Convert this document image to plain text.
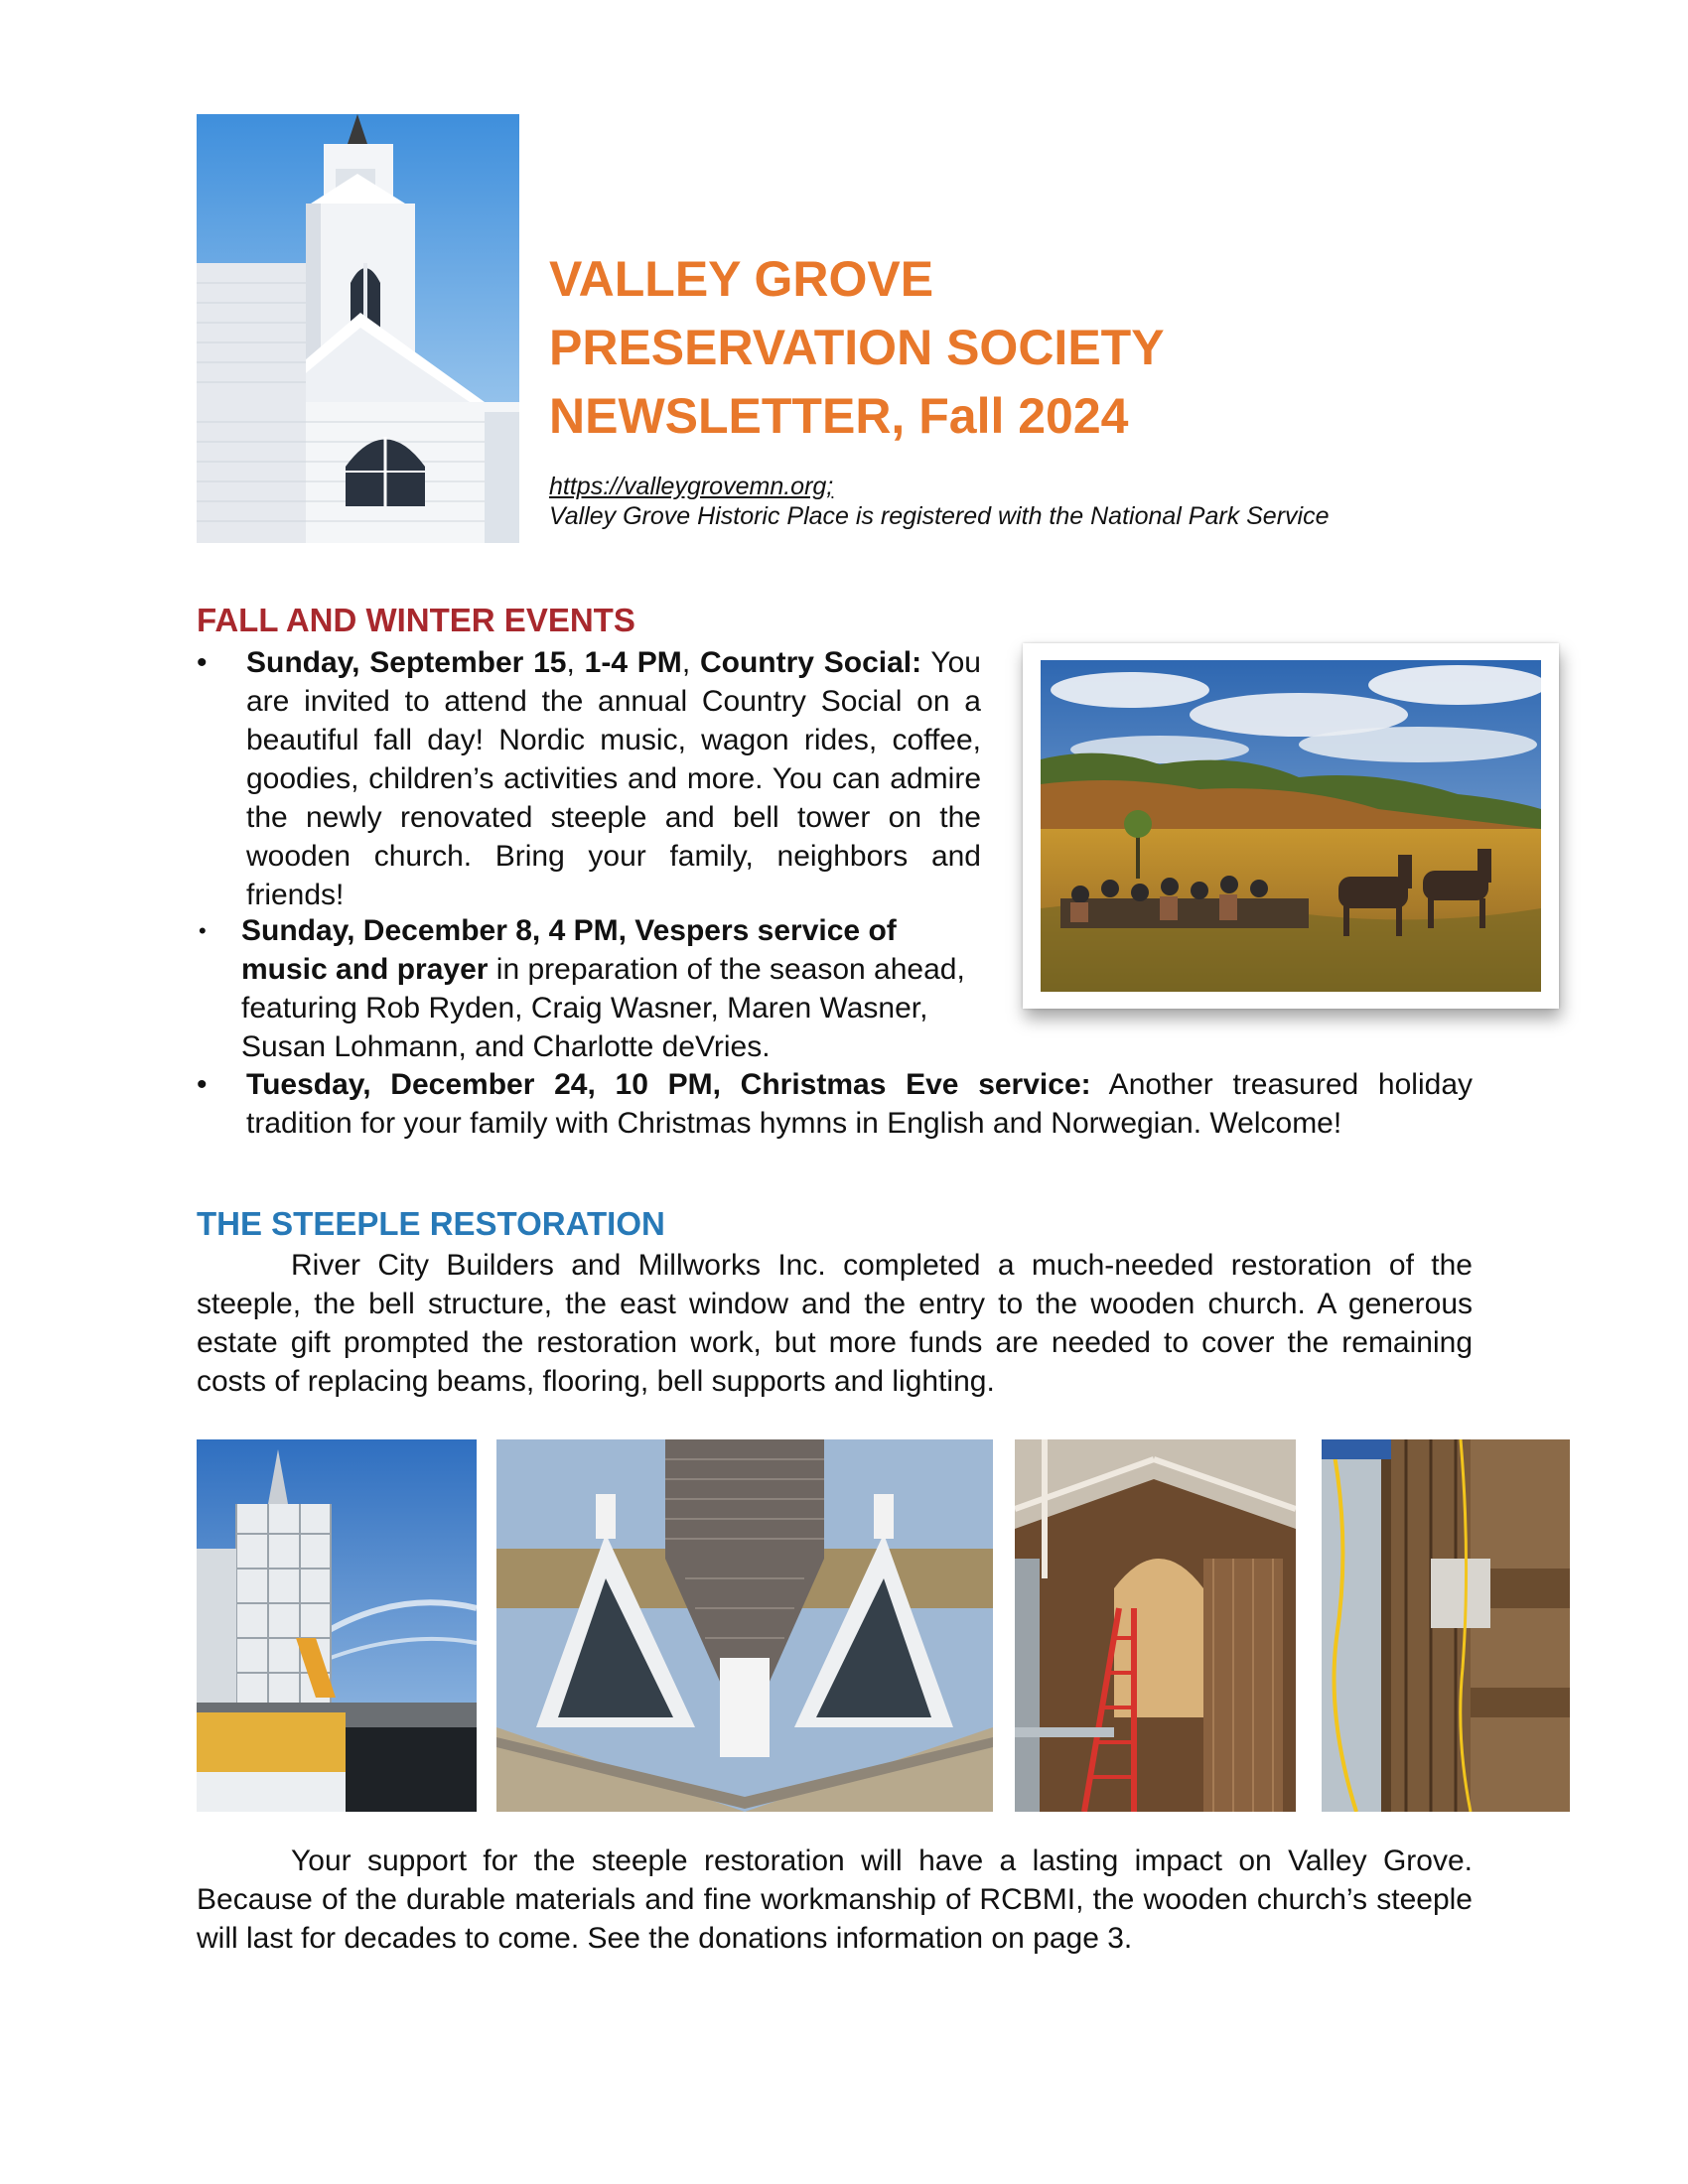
VALLEY GROVE
PRESERVATION SOCIETY
NEWSLETTER, Fall 2024
https://valleygrovemn.org;
Valley Grove Historic Place is registered with the National Park Service
FALL AND WINTER EVENTS
• Sunday, September 15, 1-4 PM, Country Social: You are invited to attend the annual Country Social on a beautiful fall day! Nordic music, wagon rides, coffee, goodies, children’s activities and more. You can admire the newly renovated steeple and bell tower on the wooden church. Bring your family, neighbors and friends!
• Sunday, December 8, 4 PM, Vespers service of music and prayer in preparation of the season ahead, featuring Rob Ryden, Craig Wasner, Maren Wasner, Susan Lohmann, and Charlotte deVries.
• Tuesday, December 24, 10 PM, Christmas Eve service: Another treasured holiday tradition for your family with Christmas hymns in English and Norwegian. Welcome!
THE STEEPLE RESTORATION
River City Builders and Millworks Inc. completed a much-needed restoration of the steeple, the bell structure, the east window and the entry to the wooden church. A generous estate gift prompted the restoration work, but more funds are needed to cover the remaining costs of replacing beams, flooring, bell supports and lighting.
Your support for the steeple restoration will have a lasting impact on Valley Grove. Because of the durable materials and fine workmanship of RCBMI, the wooden church’s steeple will last for decades to come. See the donations information on page 3.
